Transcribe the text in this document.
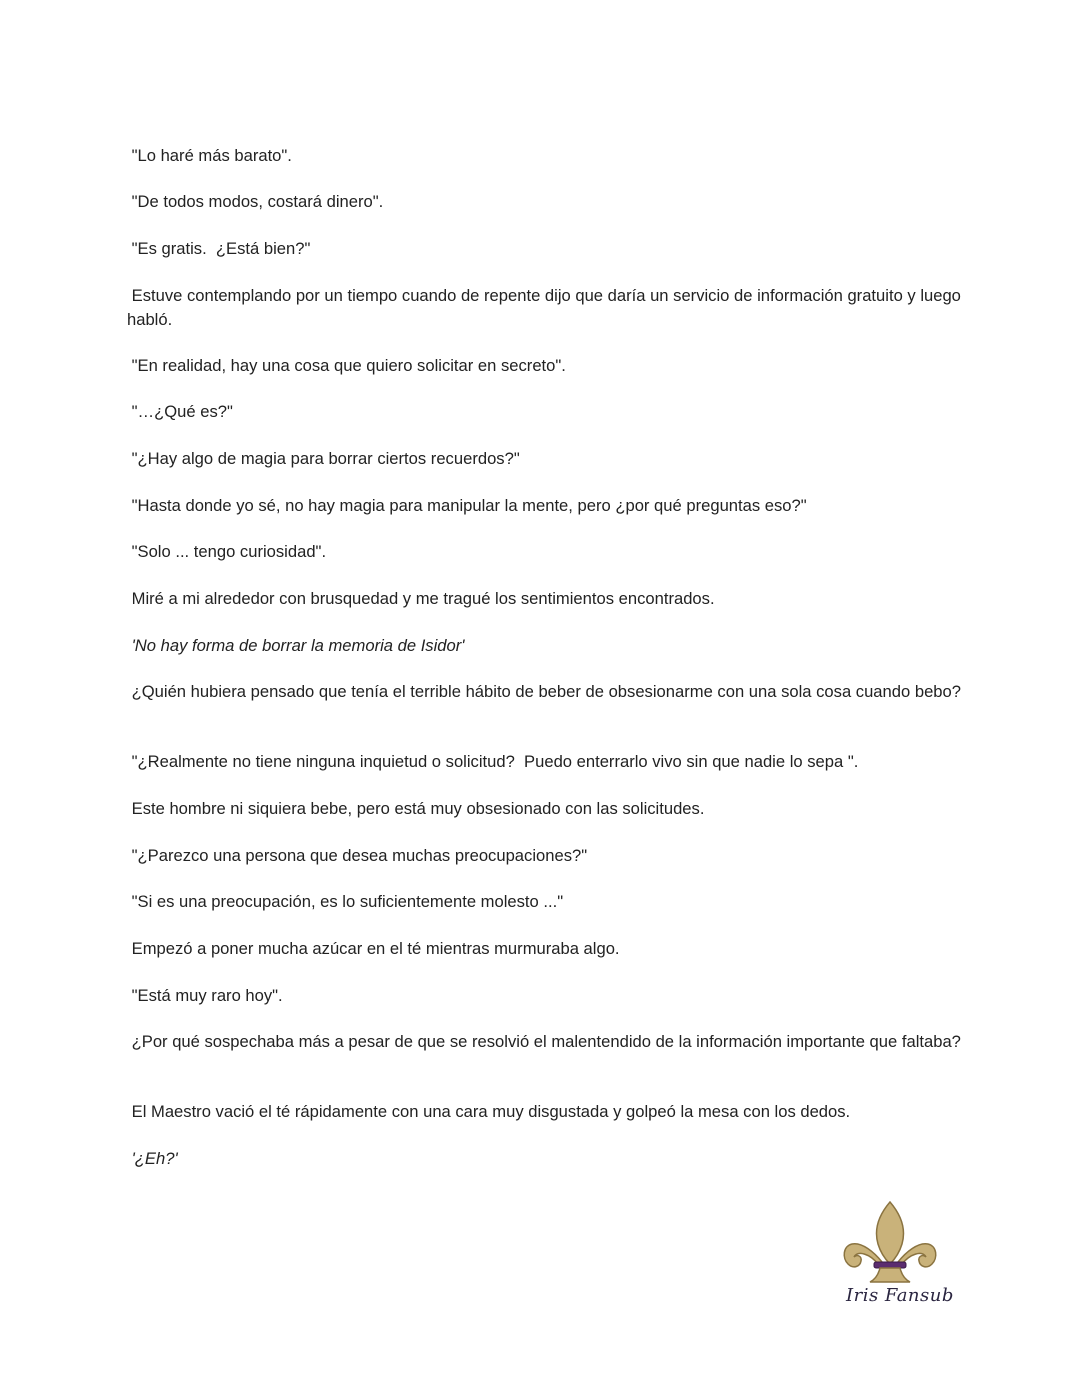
"Lo haré más barato".

"De todos modos, costará dinero".

"Es gratis.  ¿Está bien?"

Estuve contemplando por un tiempo cuando de repente dijo que daría un servicio de información gratuito y luego habló.

"En realidad, hay una cosa que quiero solicitar en secreto".

"…¿Qué es?"

"¿Hay algo de magia para borrar ciertos recuerdos?"

"Hasta donde yo sé, no hay magia para manipular la mente, pero ¿por qué preguntas eso?"

"Solo ... tengo curiosidad".

Miré a mi alrededor con brusquedad y me tragué los sentimientos encontrados.

'No hay forma de borrar la memoria de Isidor'

¿Quién hubiera pensado que tenía el terrible hábito de beber de obsesionarme con una sola cosa cuando bebo?

"¿Realmente no tiene ninguna inquietud o solicitud?  Puedo enterrarlo vivo sin que nadie lo sepa ".

Este hombre ni siquiera bebe, pero está muy obsesionado con las solicitudes.

"¿Parezco una persona que desea muchas preocupaciones?"

"Si es una preocupación, es lo suficientemente molesto ..."

Empezó a poner mucha azúcar en el té mientras murmuraba algo.

"Está muy raro hoy".

¿Por qué sospechaba más a pesar de que se resolvió el malentendido de la información importante que faltaba?

El Maestro vació el té rápidamente con una cara muy disgustada y golpeó la mesa con los dedos.

'¿Eh?'

Iris Fansub
